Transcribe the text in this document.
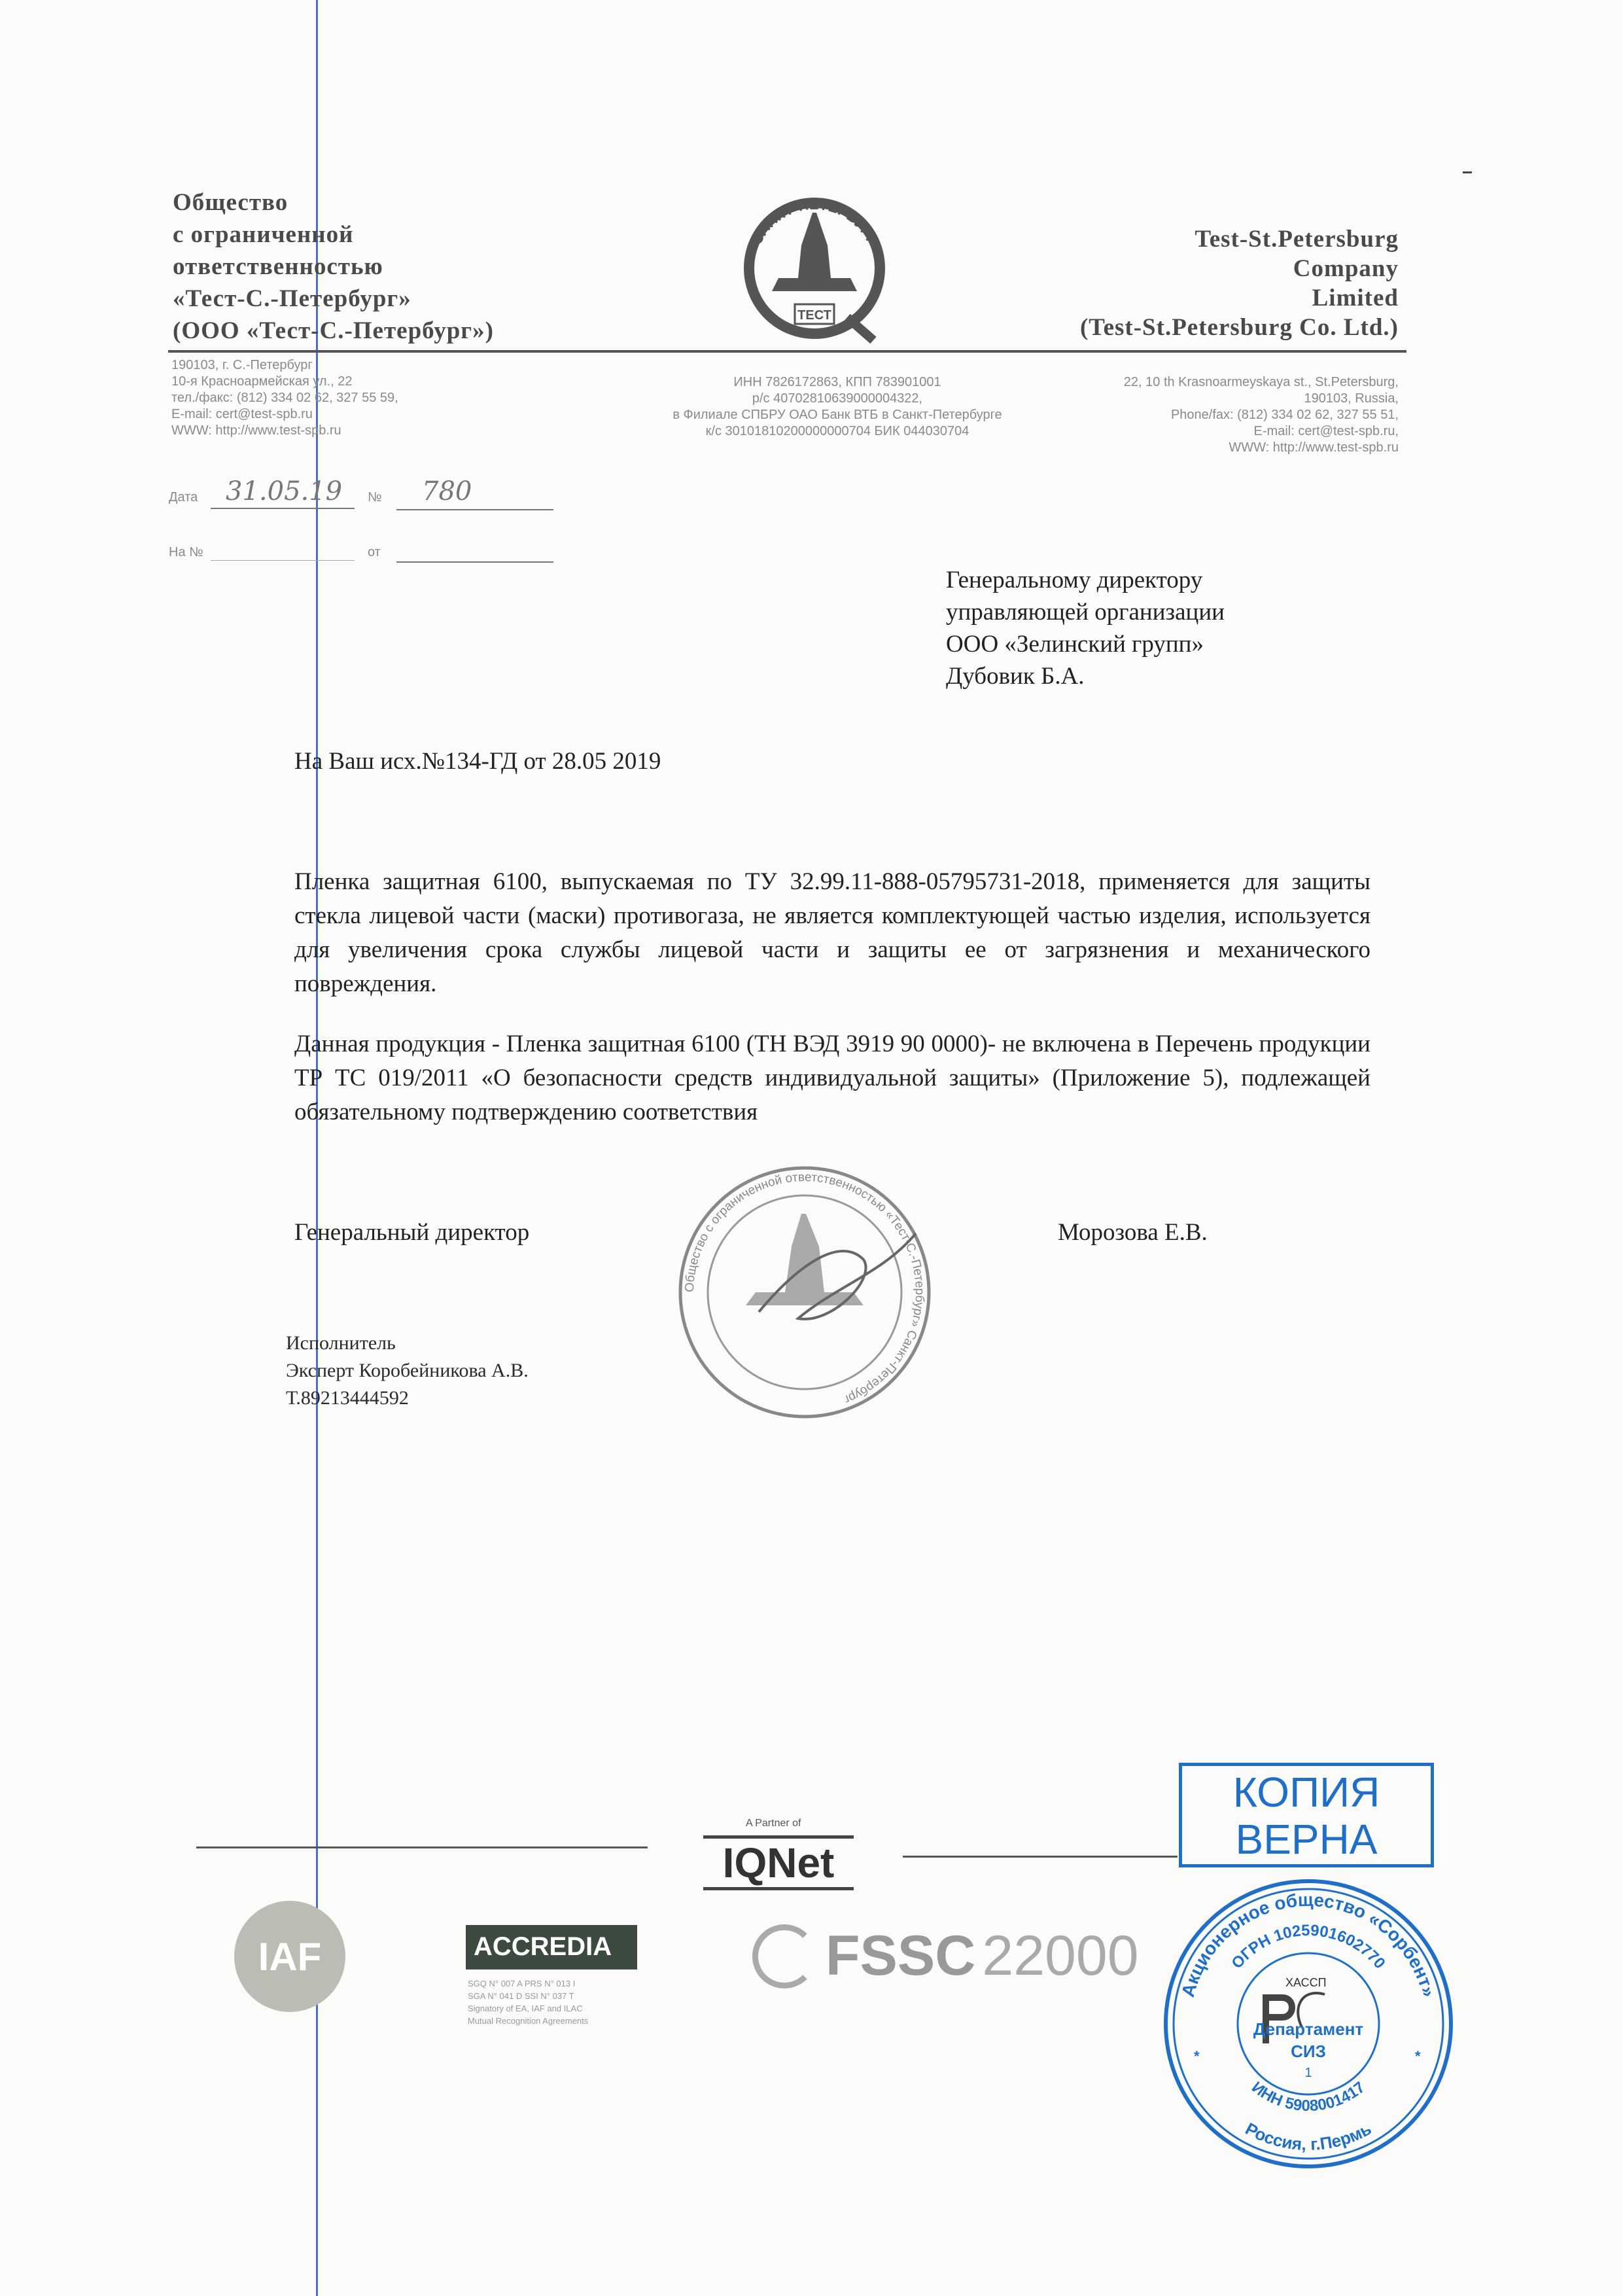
Общество
с ограниченной
ответственностью
«Тест-С.-Петербург»
(ООО «Тест-С.-Петербург»)
САНКТ-ПЕТЕРБУРГ
ТЕСТ
Test-St.Petersburg
Company
Limited
(Test-St.Petersburg Co. Ltd.)
190103, г. С.-Петербург
10-я Красноармейская ул., 22
тел./факс: (812) 334 02 62, 327 55 59,
E-mail: cert@test-spb.ru
WWW: http://www.test-spb.ru
ИНН 7826172863, КПП 783901001
р/с 40702810639000004322,
в Филиале СПБРУ ОАО Банк ВТБ в Санкт-Петербурге
к/с 30101810200000000704 БИК 044030704
22, 10 th Krasnoarmeyskaya st., St.Petersburg,
190103, Russia,
Phone/fax: (812) 334 02 62, 327 55 51,
E-mail: cert@test-spb.ru,
WWW: http://www.test-spb.ru
Дата 31.05.19 № 780
На №	от
Генеральному директору
управляющей организации
ООО «Зелинский групп»
Дубовик Б.А.
На Ваш исх.№134-ГД от 28.05 2019
Пленка защитная 6100, выпускаемая по ТУ 32.99.11-888-05795731-2018, применяется для защиты стекла лицевой части (маски) противогаза, не является комплектующей частью изделия, используется для увеличения срока службы лицевой части и защиты ее от загрязнения и механического повреждения.
Данная продукция - Пленка защитная 6100 (ТН ВЭД 3919 90 0000)- не включена в Перечень продукции ТР ТС 019/2011 «О безопасности средств индивидуальной защиты» (Приложение 5), подлежащей обязательному подтверждению соответствия
Генеральный директор	Морозова Е.В.
Общество с ограниченной ответственностью «Тест-С.-Петербург» Санкт-Петербург
Исполнитель
Эксперт Коробейникова А.В.
Т.89213444592
A Partner of
IQNet
IAF	ACCREDIA
SGQ N° 007 A PRS N° 013 I
SGA N° 041 D SSI N° 037 T
Signatory of EA, IAF and ILAC
Mutual Recognition Agreements
FSSC 22000
КОПИЯ
ВЕРНА
Акционерное общество «Сорбент»
ОГРН 1025901602770
ИНН 5908001417
Россия, г.Пермь
ХАССП
Департамент
СИЗ
1
*	*
